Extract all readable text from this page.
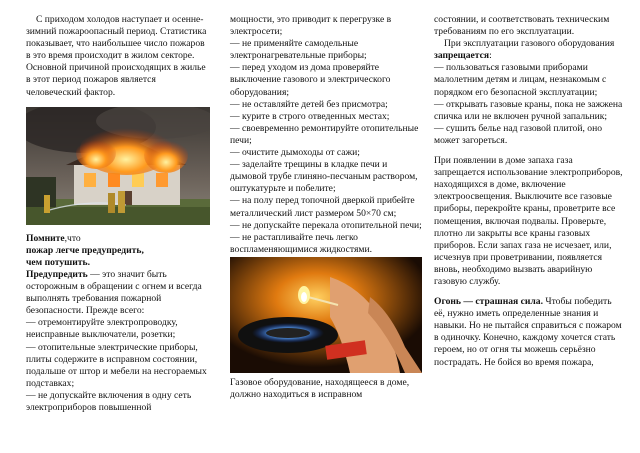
С приходом холодов наступает и осенне-зимний пожароопасный период. Статистика показывает, что наибольшее число пожаров в это время происходит в жилом секторе. Основной причиной происходящих в жилье в этот период пожаров является человеческий фактор.

Помните,что

пожар легче предупредить,

чем потушить.

Предупредить — это значит быть осторожным в обращении с огнем и всегда выполнять требования пожарной безопасности. Прежде всего:

— отремонтируйте электропроводку, неисправные выключатели, розетки;

— отопительные электрические приборы, плиты содержите в исправном состоянии, подальше от штор и мебели на несгораемых подставках;

— не допускайте включения в одну сеть электроприборов повышенной

мощности, это приводит к перегрузке в электросети;

— не применяйте самодельные электронагревательные приборы;

— перед уходом из дома проверяйте выключение газового и электрического оборудования;

— не оставляйте детей без присмотра;

— курите в строго отведенных местах;

— своевременно ремонтируйте отопительные печи;

— очистите дымоходы от сажи;

— заделайте трещины в кладке печи и дымовой трубе глиняно-песчаным раствором, оштукатурьте и побелите;

— на полу перед топочной дверкой прибейте металлический лист размером 50×70 см;

— не допускайте перекала отопительной печи;

— не растапливайте печь легко воспламеняющимися жидкостями.

Газовое оборудование, находящееся в доме, должно находиться в исправном

состоянии, и соответствовать техническим требованиям по его эксплуатации.

При эксплуатации газового оборудования запрещается:

— пользоваться газовыми приборами малолетним детям и лицам, незнакомым с порядком его безопасной эксплуатации;

— открывать газовые краны, пока не зажжена спичка или не включен ручной запальник;

— сушить белье над газовой плитой, оно может загореться.

При появлении в доме запаха газа запрещается использование электроприборов, находящихся в доме, включение электроосвещения. Выключите все газовые приборы, перекройте краны, проветрите все помещения, включая подвалы. Проверьте, плотно ли закрыты все краны газовых приборов. Если запах газа не исчезает, или, исчезнув при проветривании, появляется вновь, необходимо вызвать аварийную газовую службу.

Огонь — страшная сила. Чтобы победить её, нужно иметь определенные знания и навыки. Но не пытайся справиться с пожаром в одиночку. Конечно, каждому хочется стать героем, но от огня ты можешь серьёзно пострадать. Не бойся во время пожара,
